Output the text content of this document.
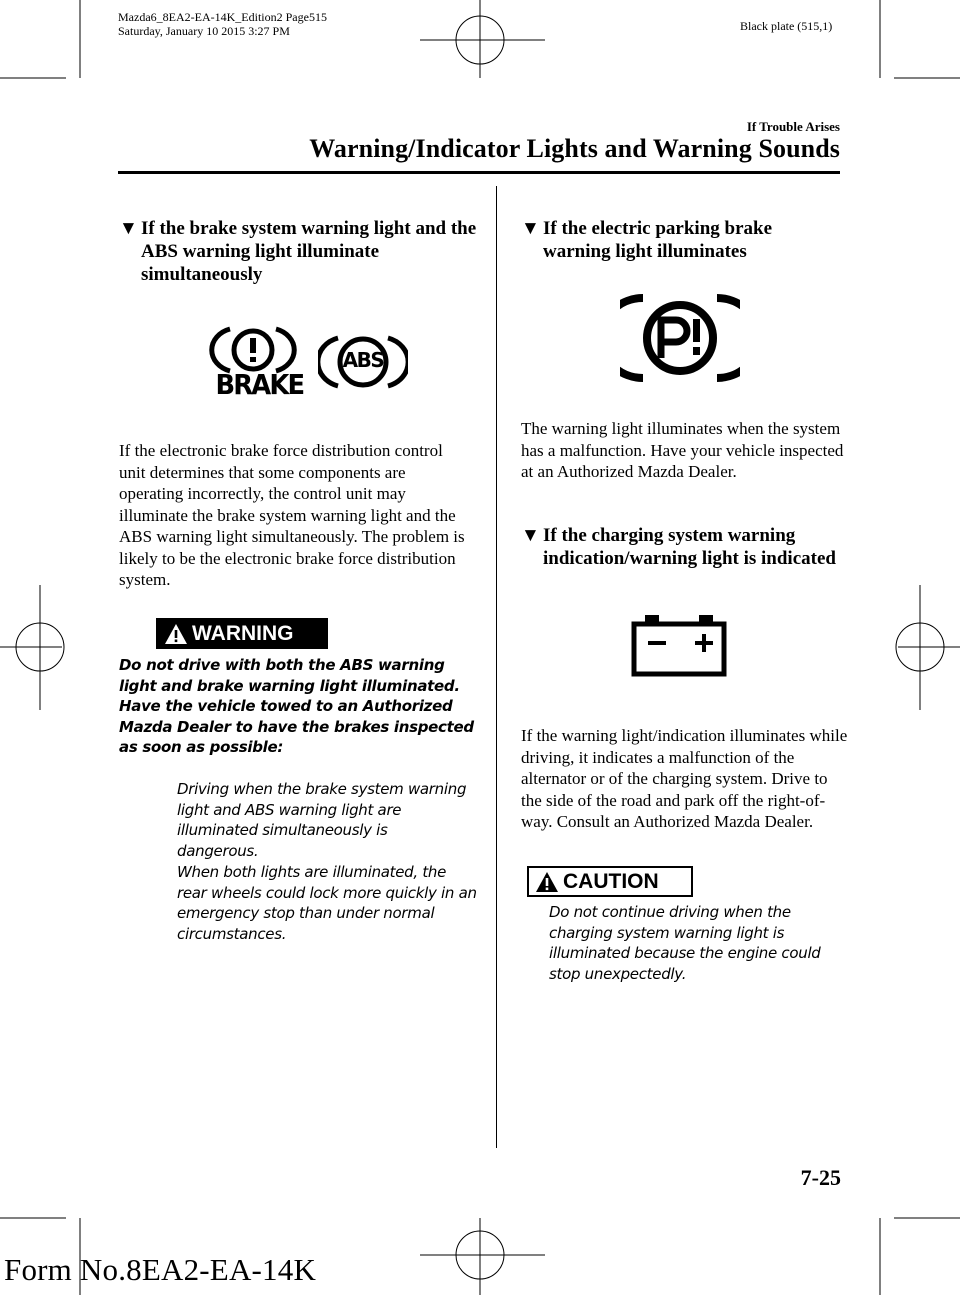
Mazda6_8EA2-EA-14K_Edition2 Page515
Saturday, January 10 2015 3:27 PM	Black plate (515,1)
If Trouble Arises
Warning/Indicator Lights and Warning Sounds
▼ If the brake system warning light and the ABS warning light illuminate simultaneously
BRAKE
ABS
If the electronic brake force distribution control unit determines that some components are operating incorrectly, the control unit may illuminate the brake system warning light and the ABS warning light simultaneously. The problem is likely to be the electronic brake force distribution system.
WARNING
Do not drive with both the ABS warning light and brake warning light illuminated. Have the vehicle towed to an Authorized Mazda Dealer to have the brakes inspected as soon as possible:
Driving when the brake system warning light and ABS warning light are illuminated simultaneously is dangerous.
When both lights are illuminated, the rear wheels could lock more quickly in an emergency stop than under normal circumstances.
▼ If the electric parking brake warning light illuminates
The warning light illuminates when the system has a malfunction. Have your vehicle inspected at an Authorized Mazda Dealer.
▼ If the charging system warning indication/warning light is indicated
If the warning light/indication illuminates while driving, it indicates a malfunction of the alternator or of the charging system. Drive to the side of the road and park off the right-of-way. Consult an Authorized Mazda Dealer.
CAUTION
Do not continue driving when the charging system warning light is illuminated because the engine could stop unexpectedly.
7-25
Form No.8EA2-EA-14K
